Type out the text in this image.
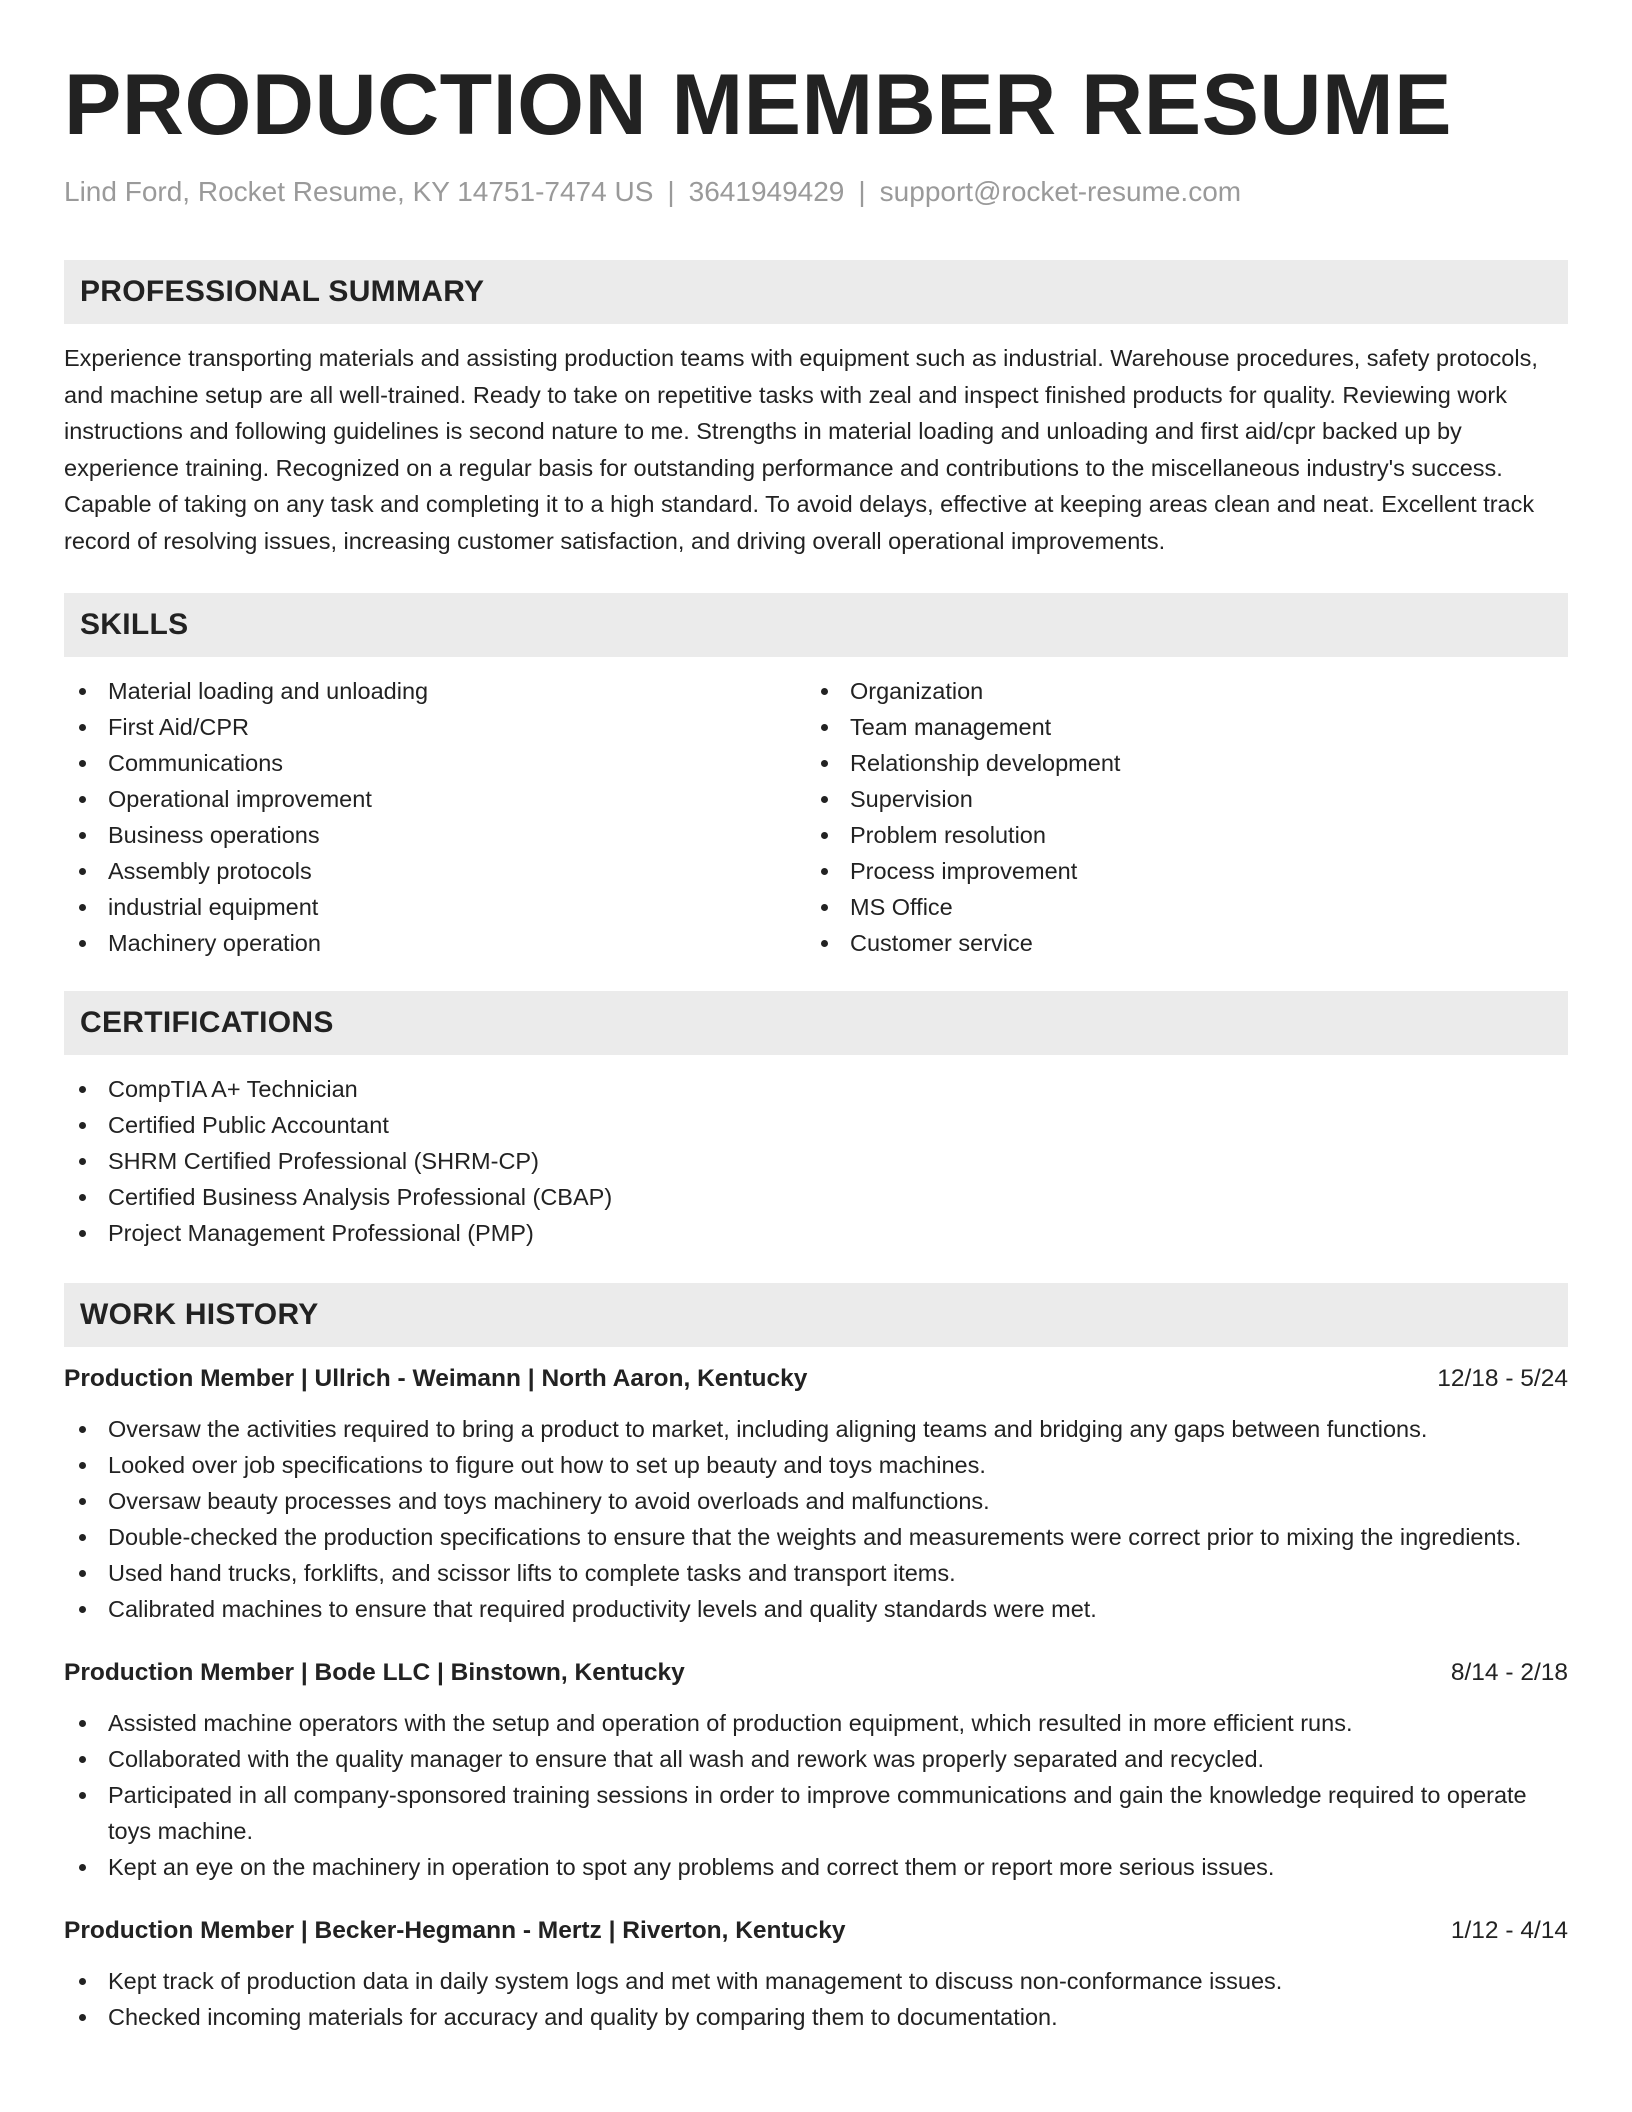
PRODUCTION MEMBER RESUME
Lind Ford, Rocket Resume, KY 14751-7474 US | 3641949429 | support@rocket-resume.com
PROFESSIONAL SUMMARY

Experience transporting materials and assisting production teams with equipment such as industrial. Warehouse procedures, safety protocols, and machine setup are all well-trained. Ready to take on repetitive tasks with zeal and inspect finished products for quality. Reviewing work instructions and following guidelines is second nature to me. Strengths in material loading and unloading and first aid/cpr backed up by experience training. Recognized on a regular basis for outstanding performance and contributions to the miscellaneous industry's success. Capable of taking on any task and completing it to a high standard. To avoid delays, effective at keeping areas clean and neat. Excellent track record of resolving issues, increasing customer satisfaction, and driving overall operational improvements.

SKILLS
Material loading and unloading
First Aid/CPR
Communications
Operational improvement
Business operations
Assembly protocols
industrial equipment
Machinery operation
Organization
Team management
Relationship development
Supervision
Problem resolution
Process improvement
MS Office
Customer service
CERTIFICATIONS
CompTIA A+ Technician
Certified Public Accountant
SHRM Certified Professional (SHRM-CP)
Certified Business Analysis Professional (CBAP)
Project Management Professional (PMP)
WORK HISTORY
Production Member | Ullrich - Weimann | North Aaron, Kentucky	12/18 - 5/24
Oversaw the activities required to bring a product to market, including aligning teams and bridging any gaps between functions.
Looked over job specifications to figure out how to set up beauty and toys machines.
Oversaw beauty processes and toys machinery to avoid overloads and malfunctions.
Double-checked the production specifications to ensure that the weights and measurements were correct prior to mixing the ingredients.
Used hand trucks, forklifts, and scissor lifts to complete tasks and transport items.
Calibrated machines to ensure that required productivity levels and quality standards were met.
Production Member | Bode LLC | Binstown, Kentucky	8/14 - 2/18
Assisted machine operators with the setup and operation of production equipment, which resulted in more efficient runs.
Collaborated with the quality manager to ensure that all wash and rework was properly separated and recycled.
Participated in all company-sponsored training sessions in order to improve communications and gain the knowledge required to operate toys machine.
Kept an eye on the machinery in operation to spot any problems and correct them or report more serious issues.
Production Member | Becker-Hegmann - Mertz | Riverton, Kentucky	1/12 - 4/14
Kept track of production data in daily system logs and met with management to discuss non-conformance issues.
Checked incoming materials for accuracy and quality by comparing them to documentation.
